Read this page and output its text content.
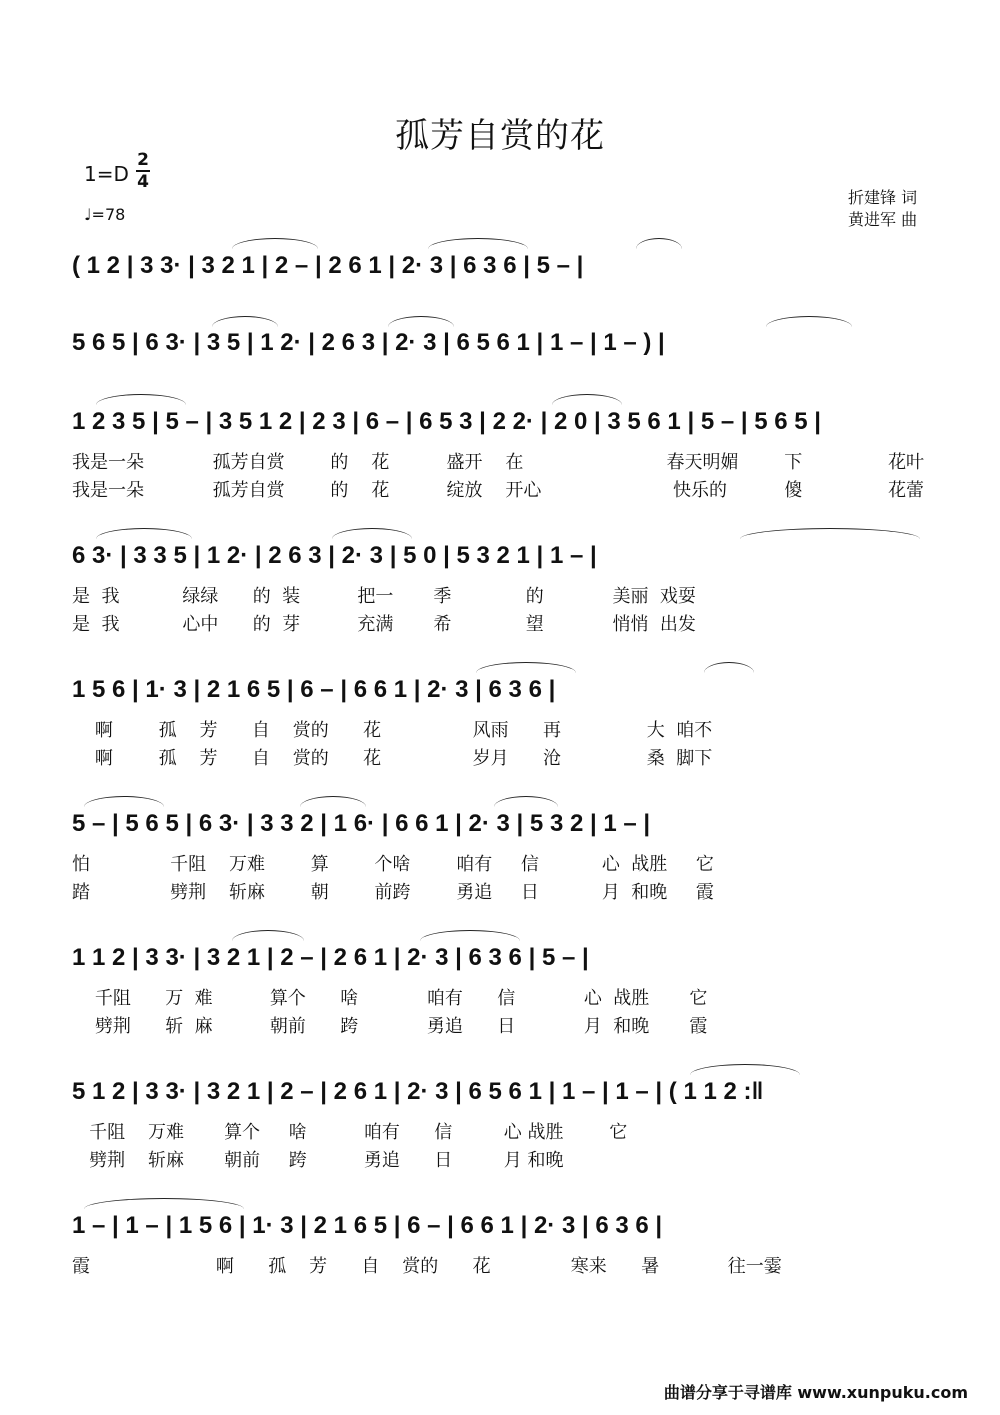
孤芳自赏的花
1=D
2
4
♩=78
折建锋 词
黄进军 曲
( 1 2 | 3 3· | 3 2 1 | 2 – | 2 6 1 | 2· 3 | 6 3 6 | 5 – |
5 6 5 | 6 3· | 3 5 | 1 2· | 2 6 3 | 2· 3 | 6 5 6 1 | 1 – | 1 – ) |
1 2 3 5 | 5 – | 3 5 1 2 | 2 3 | 6 – | 6 5 3 | 2 2· | 2 0 | 3 5 6 1 | 5 – | 5 6 5 |
我是一朵            孤芳自赏        的    花          盛开    在                         春天明媚        下               花叶
我是一朵            孤芳自赏        的    花          绽放    开心                       快乐的          傻               花蕾
6 3· | 3 3 5 | 1 2· | 2 6 3 | 2· 3 | 5 0 | 5 3 2 1 | 1 – |
是  我           绿绿      的  装          把一       季             的            美丽  戏耍
是  我           心中      的  芽          充满       希             望            悄悄  出发
1 5 6 | 1· 3 | 2 1 6 5 | 6 – | 6 6 1 | 2· 3 | 6 3 6 |
啊        孤    芳      自    赏的      花                风雨      再               大  咱不
啊        孤    芳      自    赏的      花                岁月      沧               桑  脚下
5 – | 5 6 5 | 6 3· | 3 3 2 | 1 6· | 6 6 1 | 2· 3 | 5 3 2 | 1 – |
怕              千阻    万难        算        个啥        咱有     信           心  战胜     它
踏              劈荆    斩麻        朝        前跨        勇追     日           月  和晚     霞
1 1 2 | 3 3· | 3 2 1 | 2 – | 2 6 1 | 2· 3 | 6 3 6 | 5 – |
千阻      万  难          算个      啥            咱有      信            心  战胜       它
劈荆      斩  麻          朝前      跨            勇追      日            月  和晚       霞
5 1 2 | 3 3· | 3 2 1 | 2 – | 2 6 1 | 2· 3 | 6 5 6 1 | 1 – | 1 – | ( 1 1 2 :‖
千阻    万难       算个     啥          咱有      信         心 战胜        它
劈荆    斩麻       朝前     跨          勇追      日         月 和晚
1 – | 1 – | 1 5 6 | 1· 3 | 2 1 6 5 | 6 – | 6 6 1 | 2· 3 | 6 3 6 |
霞                      啊      孤    芳      自    赏的      花              寒来      暑            往一霎
曲谱分享于寻谱库 www.xunpuku.com
